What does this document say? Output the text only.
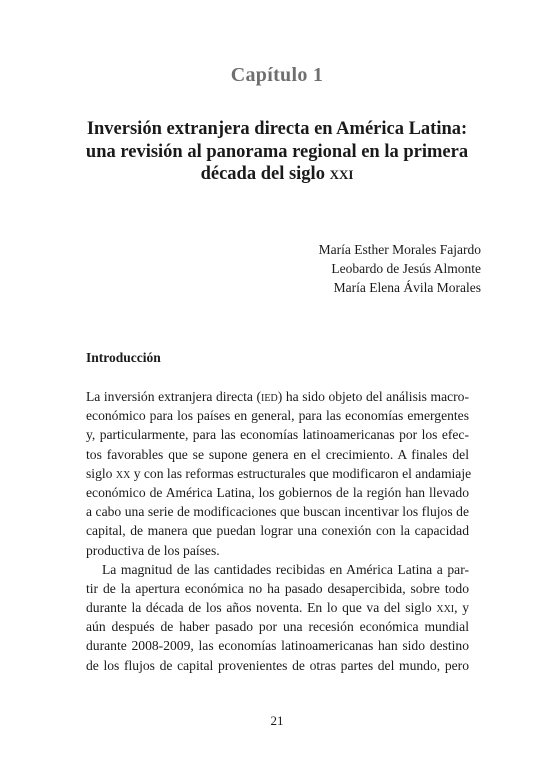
Capítulo 1
Inversión extranjera directa en América Latina:
una revisión al panorama regional en la primera
década del siglo xxi
María Esther Morales Fajardo
Leobardo de Jesús Almonte
María Elena Ávila Morales
Introducción
La inversión extranjera directa (ied) ha sido objeto del análisis macro-
económico para los países en general, para las economías emergentes
y, particularmente, para las economías latinoamericanas por los efec-
tos favorables que se supone genera en el crecimiento. A finales del
siglo xx y con las reformas estructurales que modificaron el andamiaje
económico de América Latina, los gobiernos de la región han llevado
a cabo una serie de modificaciones que buscan incentivar los flujos de
capital, de manera que puedan lograr una conexión con la capacidad
productiva de los países.
La magnitud de las cantidades recibidas en América Latina a par-
tir de la apertura económica no ha pasado desapercibida, sobre todo
durante la década de los años noventa. En lo que va del siglo xxi, y
aún después de haber pasado por una recesión económica mundial
durante 2008-2009, las economías latinoamericanas han sido destino
de los flujos de capital provenientes de otras partes del mundo, pero
21
